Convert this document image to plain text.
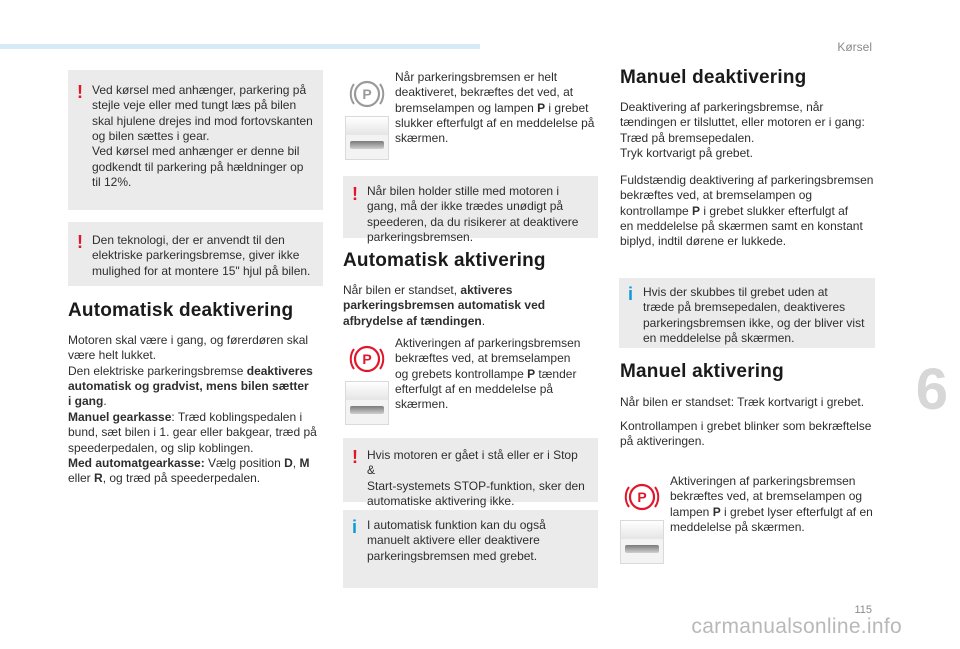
Kørsel
6
! Ved kørsel med anhænger, parkering på
stejle veje eller med tungt læs på bilen
skal hjulene drejes ind mod fortovskanten
og bilen sættes i gear.
Ved kørsel med anhænger er denne bil
godkendt til parkering på hældninger op
til 12%.

! Den teknologi, der er anvendt til den
elektriske parkeringsbremse, giver ikke
mulighed for at montere 15" hjul på bilen.

Automatisk deaktivering
Motoren skal være i gang, og førerdøren skal
være helt lukket.
Den elektriske parkeringsbremse deaktiveres
automatisk og gradvist, mens bilen sætter
i gang.
Manuel gearkasse: Træd koblingspedalen i
bund, sæt bilen i 1. gear eller bakgear, træd på
speederpedalen, og slip koblingen.
Med automatgearkasse: Vælg position D, M
eller R, og træd på speederpedalen.
P
Når parkeringsbremsen er helt
deaktiveret, bekræftes det ved, at
bremselampen og lampen P i grebet
slukker efterfulgt af en meddelelse på
skærmen.
! Når bilen holder stille med motoren i
gang, må der ikke trædes unødigt på
speederen, da du risikerer at deaktivere
parkeringsbremsen.

Automatisk aktivering
Når bilen er standset, aktiveres
parkeringsbremsen automatisk ved
afbrydelse af tændingen.
P
Aktiveringen af parkeringsbremsen
bekræftes ved, at bremselampen
og grebets kontrollampe P tænder
efterfulgt af en meddelelse på
skærmen.
! Hvis motoren er gået i stå eller er i Stop &
Start-systemets STOP-funktion, sker den
automatiske aktivering ikke.

i I automatisk funktion kan du også
manuelt aktivere eller deaktivere
parkeringsbremsen med grebet.

Manuel deaktivering
Deaktivering af parkeringsbremse, når
tændingen er tilsluttet, eller motoren er i gang:
Træd på bremsepedalen.
Tryk kortvarigt på grebet.
Fuldstændig deaktivering af parkeringsbremsen
bekræftes ved, at bremselampen og
kontrollampe P i grebet slukker efterfulgt af
en meddelelse på skærmen samt en konstant
biplyd, indtil dørene er lukkede.
i Hvis der skubbes til grebet uden at
træde på bremsepedalen, deaktiveres
parkeringsbremsen ikke, og der bliver vist
en meddelelse på skærmen.

Manuel aktivering
Når bilen er standset: Træk kortvarigt i grebet.
Kontrollampen i grebet blinker som bekræftelse
på aktiveringen.
P
Aktiveringen af parkeringsbremsen
bekræftes ved, at bremselampen og
lampen P i grebet lyser efterfulgt af en
meddelelse på skærmen.
115
carmanualsonline.info
